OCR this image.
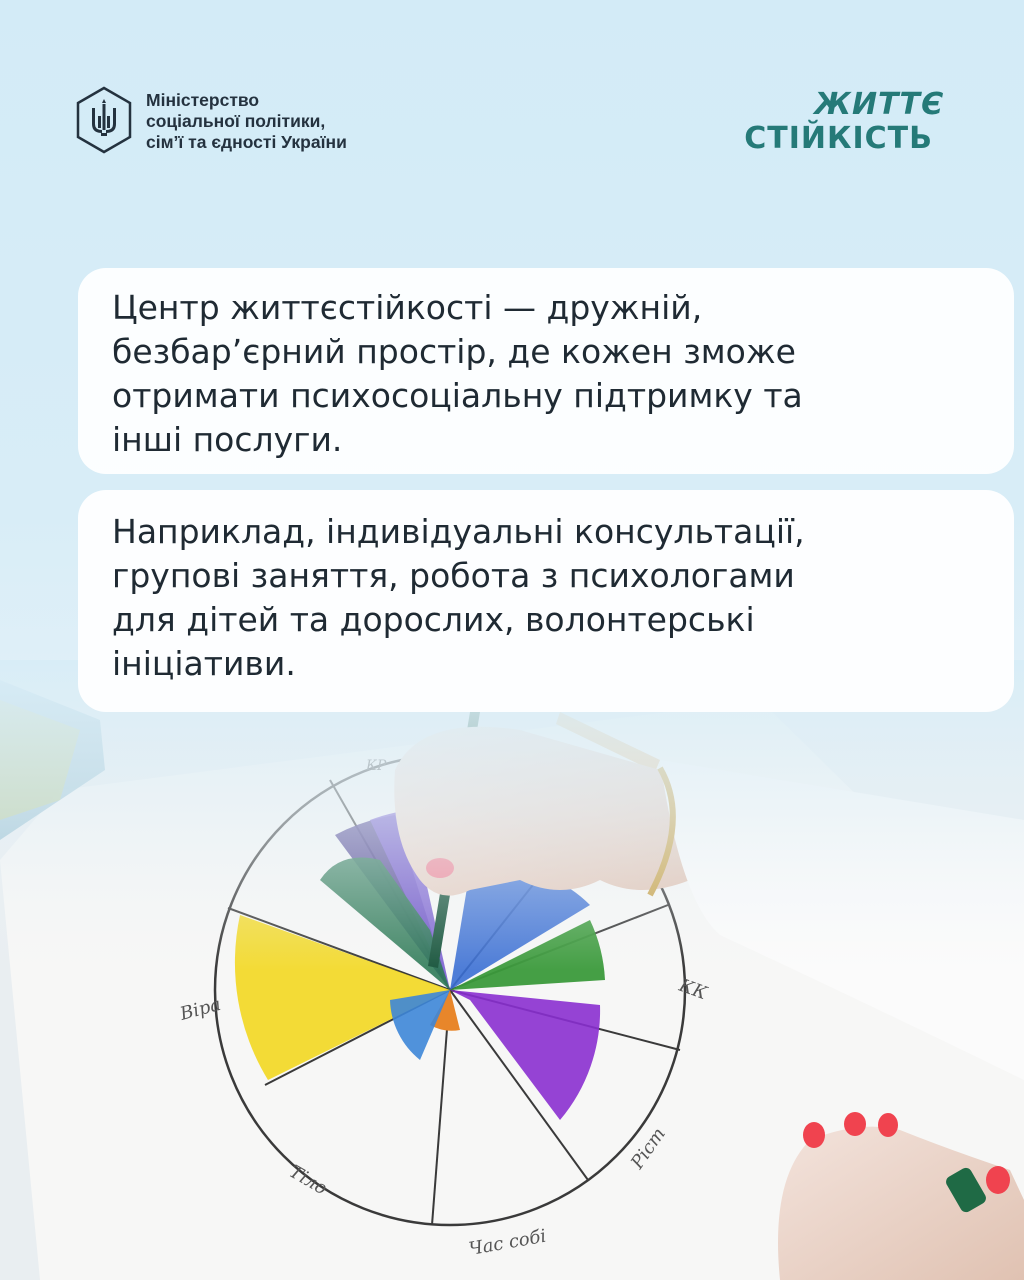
Міністерство
соціальної політики,
сім’ї та єдності України
ЖИТТЄ
СТІЙКІСТЬ
Центр життєстійкості — дружній,
безбар’єрний простір, де кожен зможе
отримати психосоціальну підтримку та
інші послуги.
Наприклад, індивідуальні консультації,
групові заняття, робота з психологами
для дітей та дорослих, волонтерські
ініціативи.
